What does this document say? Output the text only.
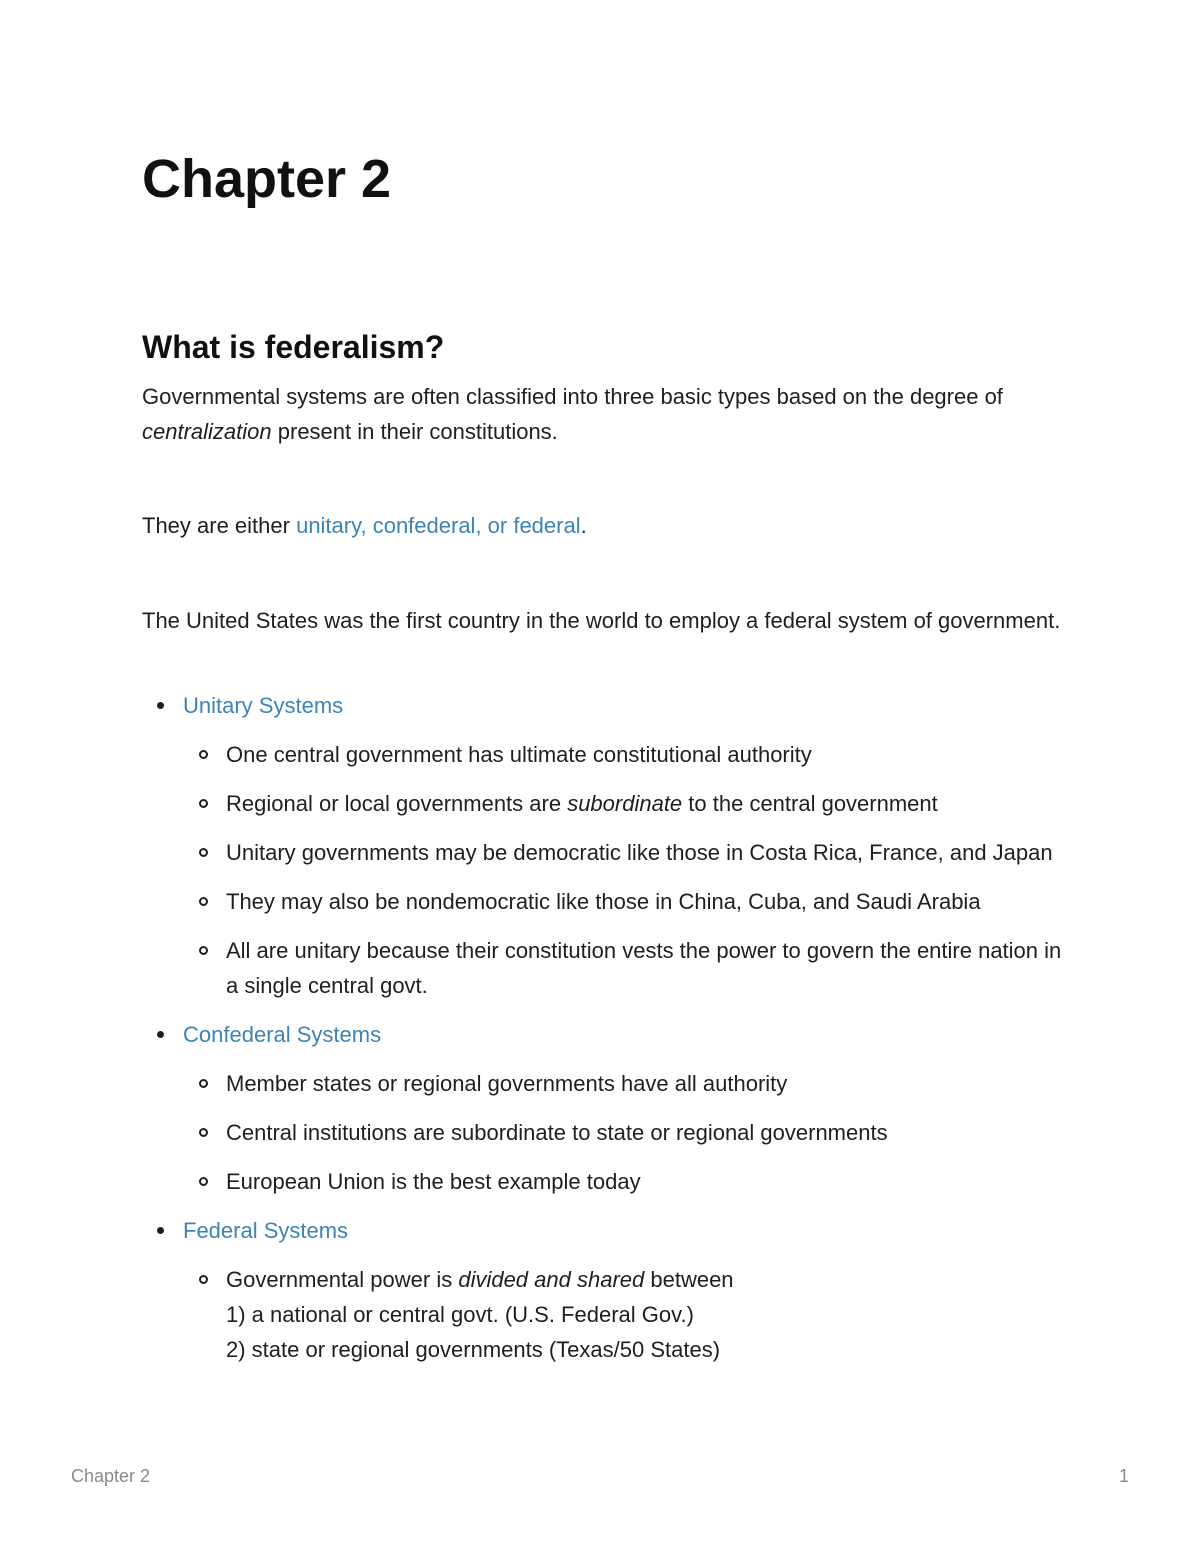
Chapter 2
What is federalism?

Governmental systems are often classified into three basic types based on the degree of centralization present in their constitutions.

They are either unitary, confederal, or federal.

The United States was the first country in the world to employ a federal system of government.

Unitary Systems
One central government has ultimate constitutional authority
Regional or local governments are subordinate to the central government
Unitary governments may be democratic like those in Costa Rica, France, and Japan
They may also be nondemocratic like those in China, Cuba, and Saudi Arabia
All are unitary because their constitution vests the power to govern the entire nation in a single central govt.
Confederal Systems
Member states or regional governments have all authority
Central institutions are subordinate to state or regional governments
European Union is the best example today
Federal Systems
Governmental power is divided and shared between
1) a national or central govt. (U.S. Federal Gov.)
2) state or regional governments (Texas/50 States)
Chapter 2	1
